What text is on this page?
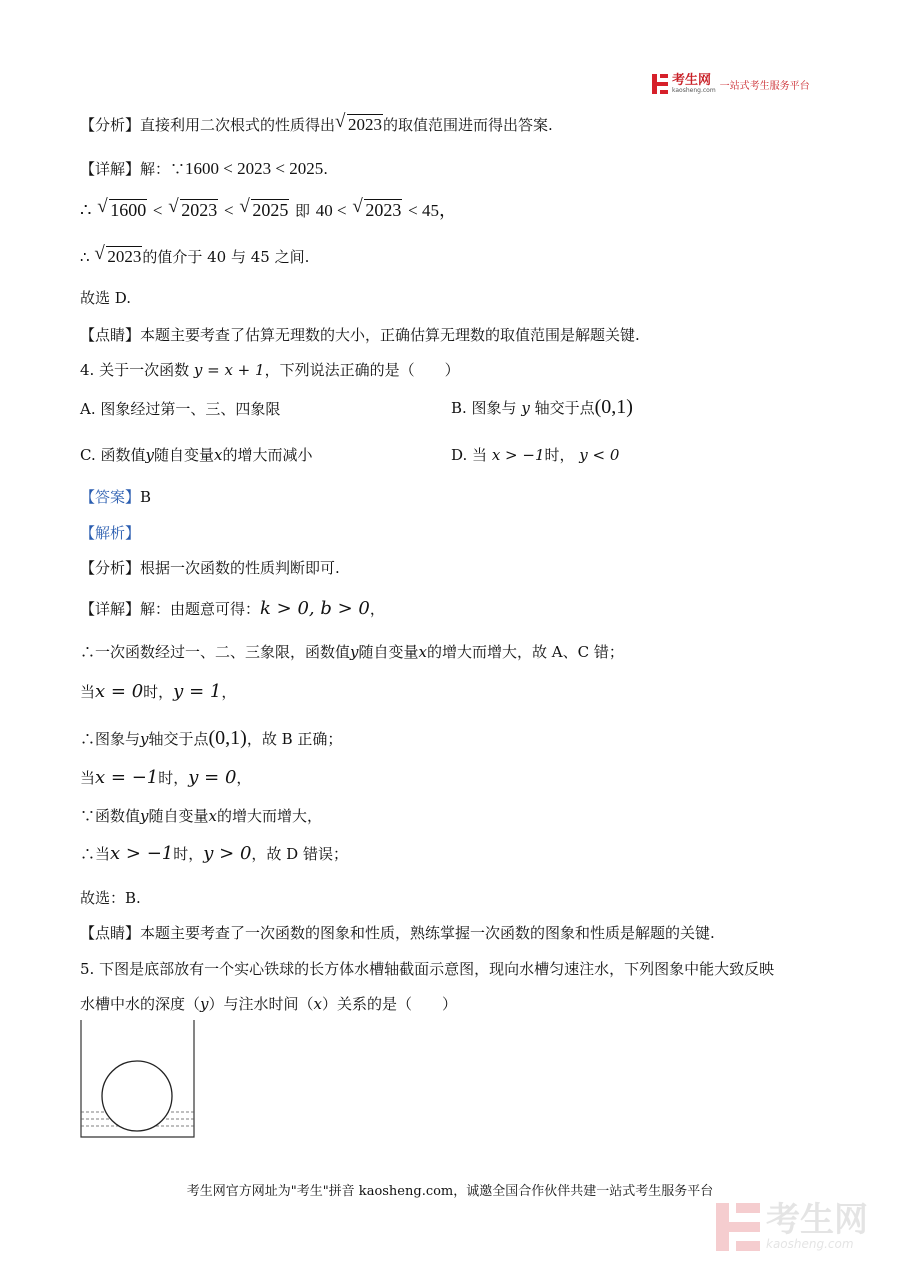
考生网
kaosheng.com 一站式考生服务平台
【分析】直接利用二次根式的性质得出 √ 2023的取值范围进而得出答案.
【详解】解：∵1600 < 2023 < 2025.
∴ √ 1600 < √ 2023 < √ 2025 即 40 < √ 2023 < 45，
∴ √ 2023的值介于 40 与 45 之间.
故选 D.
【点睛】本题主要考查了估算无理数的大小，正确估算无理数的取值范围是解题关键.
4. 关于一次函数 y = x + 1，下列说法正确的是（　　）
A. 图象经过第一、三、四象限	B. 图象与 y 轴交于点(0,1)
C. 函数值y随自变量x的增大而减小	D. 当 x > −1时， y < 0
【答案】B
【解析】
【分析】根据一次函数的性质判断即可.
【详解】解：由题意可得：k > 0, b > 0，
∴一次函数经过一、二、三象限，函数值y随自变量x的增大而增大，故 A、C 错；
当x = 0时，y = 1，
∴图象与y轴交于点(0,1)，故 B 正确；
当x = −1时，y = 0，
∵函数值y随自变量x的增大而增大，
∴当x > −1时，y > 0，故 D 错误；
故选：B.
【点睛】本题主要考查了一次函数的图象和性质，熟练掌握一次函数的图象和性质是解题的关键.
5. 下图是底部放有一个实心铁球的长方体水槽轴截面示意图，现向水槽匀速注水，下列图象中能大致反映
水槽中水的深度（y）与注水时间（x）关系的是（　　）
考生网官方网址为"考生"拼音 kaosheng.com，诚邀全国合作伙伴共建一站式考生服务平台
考生网
kaosheng.com
